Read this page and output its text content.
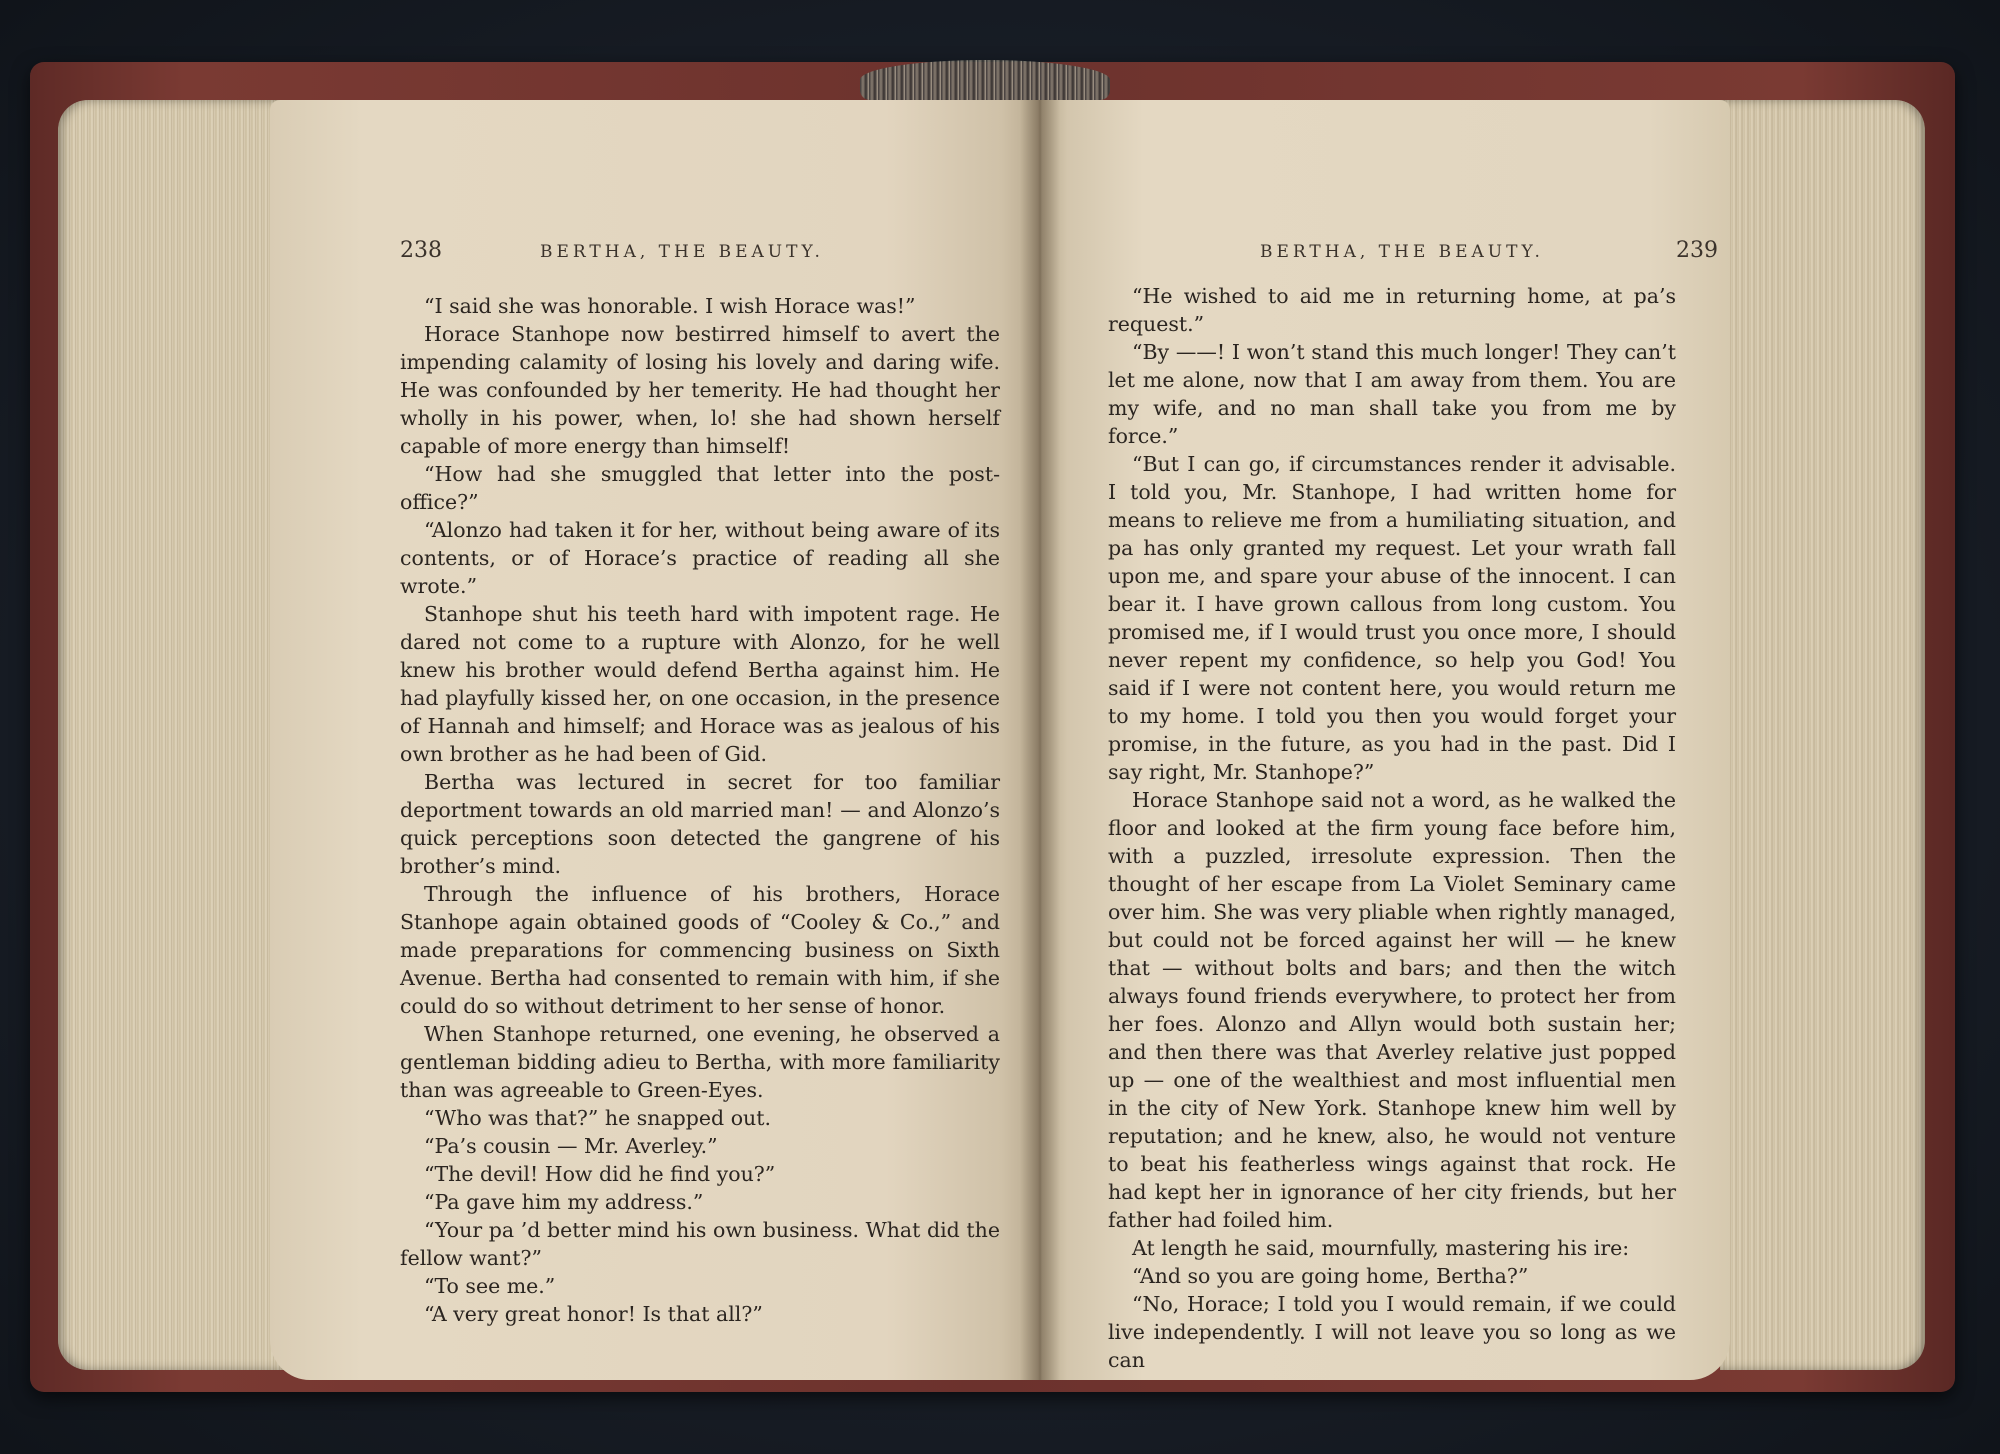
238	BERTHA, THE BEAUTY.

“I said she was honorable. I wish Horace was!”

Horace Stanhope now bestirred himself to avert the impending calamity of losing his lovely and daring wife. He was confounded by her temerity. He had thought her wholly in his power, when, lo! she had shown herself capable of more energy than himself!

“How had she smuggled that letter into the post-office?”

“Alonzo had taken it for her, without being aware of its contents, or of Horace’s practice of reading all she wrote.”

Stanhope shut his teeth hard with impotent rage. He dared not come to a rupture with Alonzo, for he well knew his brother would defend Bertha against him. He had playfully kissed her, on one occasion, in the presence of Hannah and himself; and Horace was as jealous of his own brother as he had been of Gid.

Bertha was lectured in secret for too familiar deportment towards an old married man! — and Alonzo’s quick perceptions soon detected the gangrene of his brother’s mind.

Through the influence of his brothers, Horace Stanhope again obtained goods of “Cooley & Co.,” and made preparations for commencing business on Sixth Avenue. Bertha had consented to remain with him, if she could do so without detriment to her sense of honor.

When Stanhope returned, one evening, he observed a gentleman bidding adieu to Bertha, with more familiarity than was agreeable to Green-Eyes.

“Who was that?” he snapped out.

“Pa’s cousin — Mr. Averley.”

“The devil! How did he find you?”

“Pa gave him my address.”

“Your pa ’d better mind his own business. What did the fellow want?”

“To see me.”

“A very great honor! Is that all?”

BERTHA, THE BEAUTY.	239

“He wished to aid me in returning home, at pa’s request.”

“By ——! I won’t stand this much longer! They can’t let me alone, now that I am away from them. You are my wife, and no man shall take you from me by force.”

“But I can go, if circumstances render it advisable. I told you, Mr. Stanhope, I had written home for means to relieve me from a humiliating situation, and pa has only granted my request. Let your wrath fall upon me, and spare your abuse of the innocent. I can bear it. I have grown callous from long custom. You promised me, if I would trust you once more, I should never repent my confidence, so help you God! You said if I were not content here, you would return me to my home. I told you then you would forget your promise, in the future, as you had in the past. Did I say right, Mr. Stanhope?”

Horace Stanhope said not a word, as he walked the floor and looked at the firm young face before him, with a puzzled, irresolute expression. Then the thought of her escape from La Violet Seminary came over him. She was very pliable when rightly managed, but could not be forced against her will — he knew that — without bolts and bars; and then the witch always found friends everywhere, to protect her from her foes. Alonzo and Allyn would both sustain her; and then there was that Averley relative just popped up — one of the wealthiest and most influential men in the city of New York. Stanhope knew him well by reputation; and he knew, also, he would not venture to beat his featherless wings against that rock. He had kept her in ignorance of her city friends, but her father had foiled him.

At length he said, mournfully, mastering his ire:

“And so you are going home, Bertha?”

“No, Horace; I told you I would remain, if we could live independently. I will not leave you so long as we can
